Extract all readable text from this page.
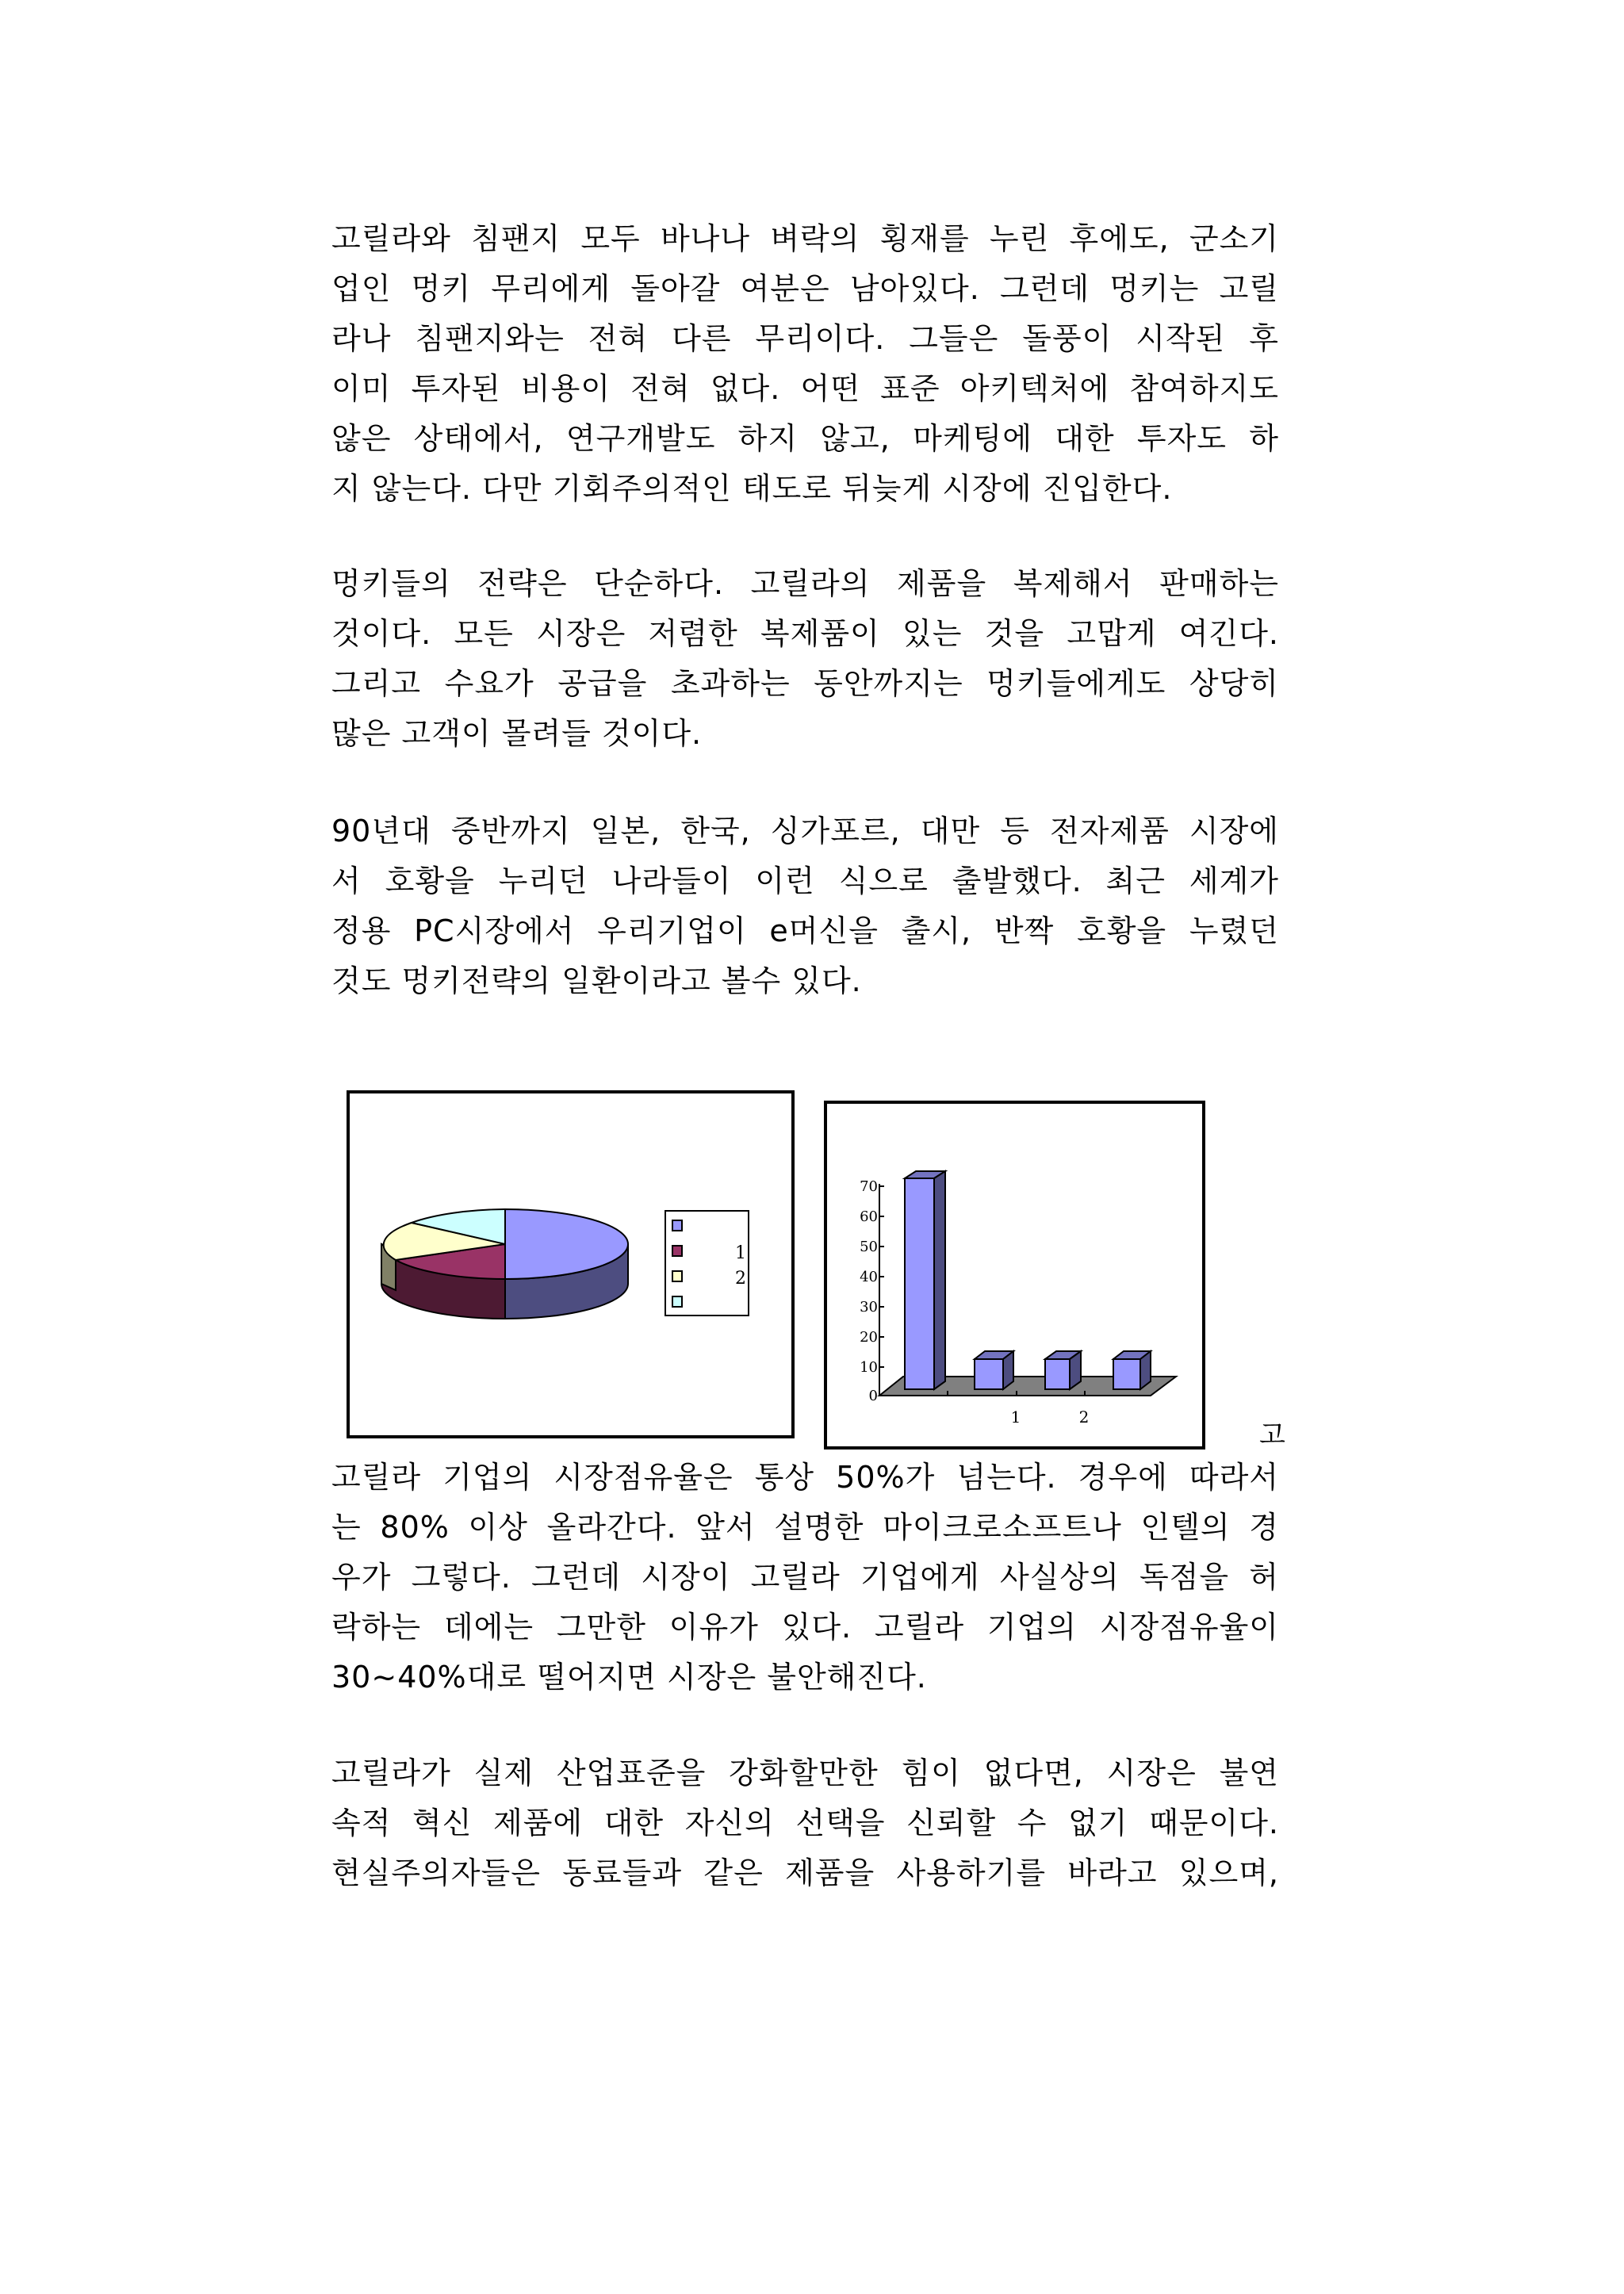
고릴라와 침팬지 모두 바나나 벼락의 횡재를 누린 후에도, 군소기
업인 멍키 무리에게 돌아갈 여분은 남아있다. 그런데 멍키는 고릴
라나 침팬지와는 전혀 다른 무리이다. 그들은 돌풍이 시작된 후
이미 투자된 비용이 전혀 없다. 어떤 표준 아키텍처에 참여하지도
않은 상태에서, 연구개발도 하지 않고, 마케팅에 대한 투자도 하
지 않는다. 다만 기회주의적인 태도로 뒤늦게 시장에 진입한다.
멍키들의 전략은 단순하다. 고릴라의 제품을 복제해서 판매하는
것이다. 모든 시장은 저렴한 복제품이 있는 것을 고맙게 여긴다.
그리고 수요가 공급을 초과하는 동안까지는 멍키들에게도 상당히
많은 고객이 몰려들 것이다.
90년대 중반까지 일본, 한국, 싱가포르, 대만 등 전자제품 시장에
서 호황을 누리던 나라들이 이런 식으로 출발했다. 최근 세계가
정용 PC시장에서 우리기업이 e머신을 출시, 반짝 호황을 누렸던
것도 멍키전략의 일환이라고 볼수 있다.
1
2
0
10
20
30
40
50
60
70
1	2
고
고릴라 기업의 시장점유율은 통상 50%가 넘는다. 경우에 따라서
는 80% 이상 올라간다. 앞서 설명한 마이크로소프트나 인텔의 경
우가 그렇다. 그런데 시장이 고릴라 기업에게 사실상의 독점을 허
락하는 데에는 그만한 이유가 있다. 고릴라 기업의 시장점유율이
30~40%대로 떨어지면 시장은 불안해진다.
고릴라가 실제 산업표준을 강화할만한 힘이 없다면, 시장은 불연
속적 혁신 제품에 대한 자신의 선택을 신뢰할 수 없기 때문이다.
현실주의자들은 동료들과 같은 제품을 사용하기를 바라고 있으며,
